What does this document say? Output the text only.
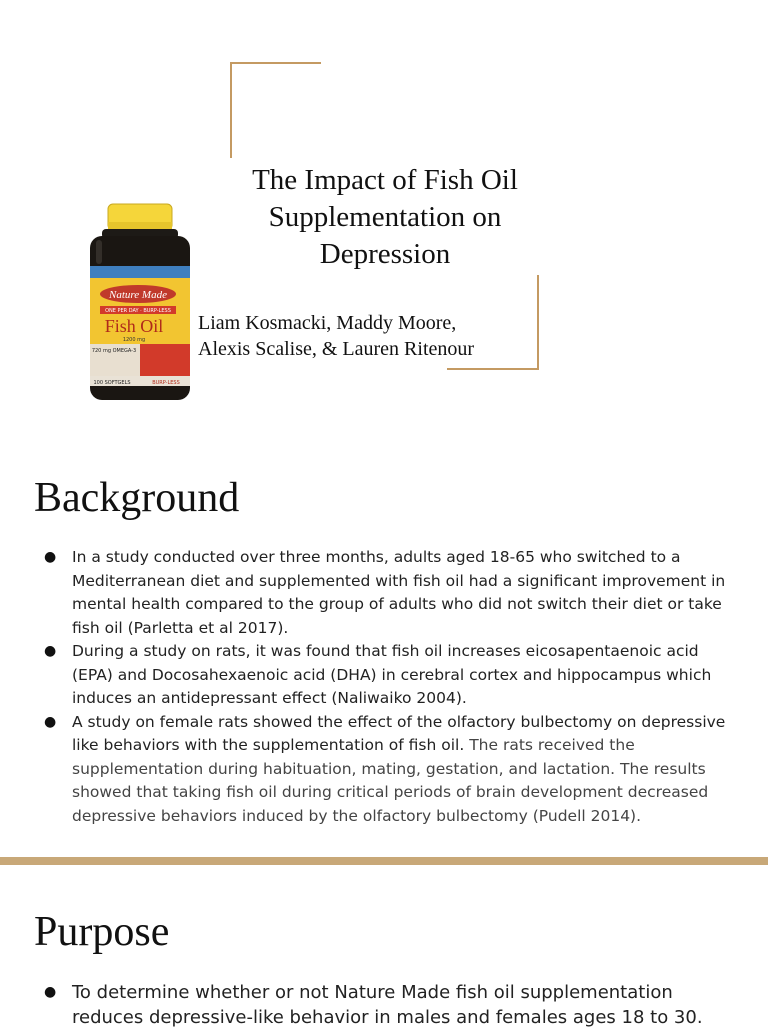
The Impact of Fish Oil
Supplementation on
Depression

Liam Kosmacki, Maddy Moore,
Alexis Scalise, & Lauren Ritenour

Nature Made
ONE PER DAY · BURP-LESS
Fish Oil
1200 mg
720 mg OMEGA-3
100 SOFTGELS	BURP-LESS
Background
● In a study conducted over three months, adults aged 18-65 who switched to a Mediterranean diet and supplemented with fish oil had a significant improvement in mental health compared to the group of adults who did not switch their diet or take fish oil (Parletta et al 2017).
● During a study on rats, it was found that fish oil increases eicosapentaenoic acid (EPA) and Docosahexaenoic acid (DHA) in cerebral cortex and hippocampus which induces an antidepressant effect (Naliwaiko 2004).
● A study on female rats showed the effect of the olfactory bulbectomy on depressive like behaviors with the supplementation of fish oil. The rats received the supplementation during habituation, mating, gestation, and lactation. The results showed that taking fish oil during critical periods of brain development decreased depressive behaviors induced by the olfactory bulbectomy (Pudell 2014).
Purpose
● To determine whether or not Nature Made fish oil supplementation reduces depressive-like behavior in males and females ages 18 to 30.
